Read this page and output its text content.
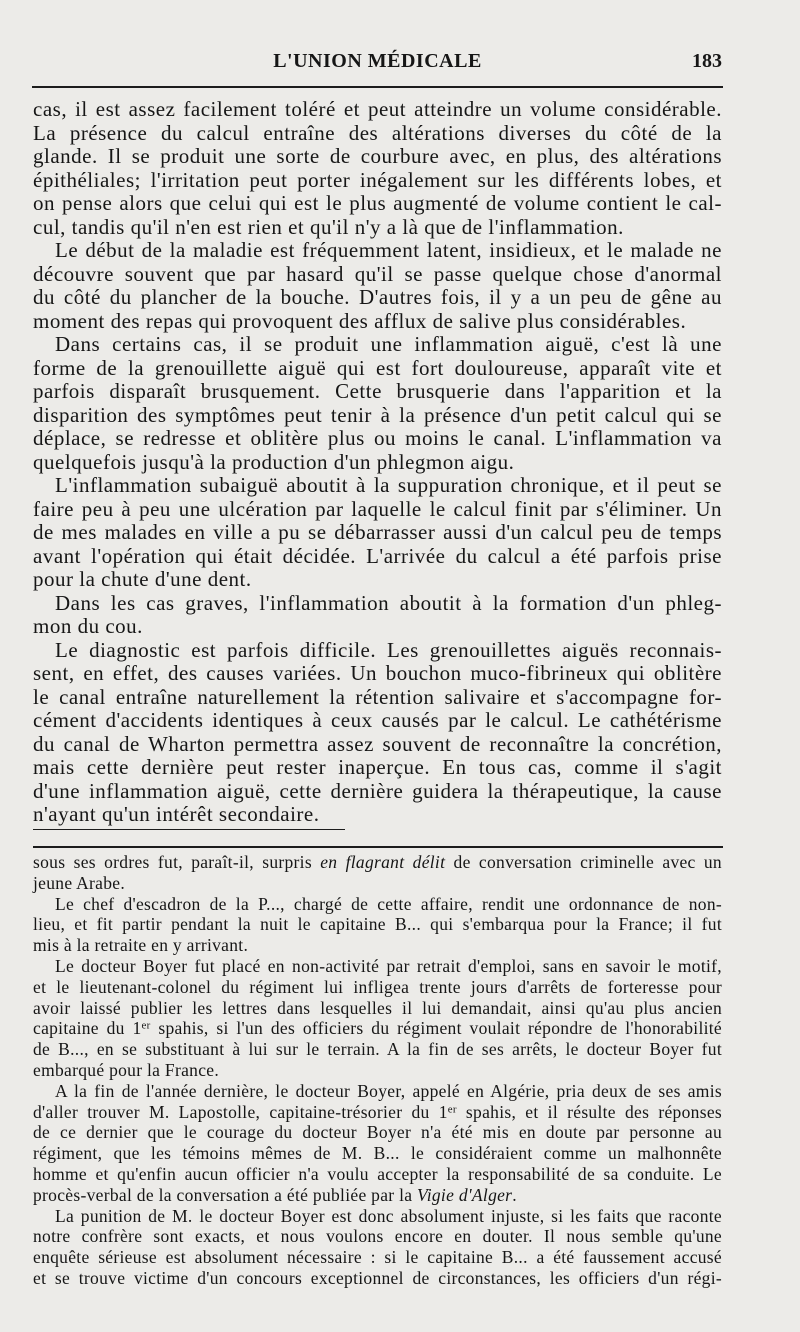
L'UNION MÉDICALE	183
cas, il est assez facilement toléré et peut atteindre un volume considérable.
La présence du calcul entraîne des altérations diverses du côté de la
glande. Il se produit une sorte de courbure avec, en plus, des altérations
épithéliales; l'irritation peut porter inégalement sur les différents lobes, et
on pense alors que celui qui est le plus augmenté de volume contient le cal-
cul, tandis qu'il n'en est rien et qu'il n'y a là que de l'inflammation.
Le début de la maladie est fréquemment latent, insidieux, et le malade ne
découvre souvent que par hasard qu'il se passe quelque chose d'anormal
du côté du plancher de la bouche. D'autres fois, il y a un peu de gêne au
moment des repas qui provoquent des afflux de salive plus considérables.
Dans certains cas, il se produit une inflammation aiguë, c'est là une
forme de la grenouillette aiguë qui est fort douloureuse, apparaît vite et
parfois disparaît brusquement. Cette brusquerie dans l'apparition et la
disparition des symptômes peut tenir à la présence d'un petit calcul qui se
déplace, se redresse et oblitère plus ou moins le canal. L'inflammation va
quelquefois jusqu'à la production d'un phlegmon aigu.
L'inflammation subaiguë aboutit à la suppuration chronique, et il peut se
faire peu à peu une ulcération par laquelle le calcul finit par s'éliminer. Un
de mes malades en ville a pu se débarrasser aussi d'un calcul peu de temps
avant l'opération qui était décidée. L'arrivée du calcul a été parfois prise
pour la chute d'une dent.
Dans les cas graves, l'inflammation aboutit à la formation d'un phleg-
mon du cou.
Le diagnostic est parfois difficile. Les grenouillettes aiguës reconnais-
sent, en effet, des causes variées. Un bouchon muco-fibrineux qui oblitère
le canal entraîne naturellement la rétention salivaire et s'accompagne for-
cément d'accidents identiques à ceux causés par le calcul. Le cathétérisme
du canal de Wharton permettra assez souvent de reconnaître la concrétion,
mais cette dernière peut rester inaperçue. En tous cas, comme il s'agit
d'une inflammation aiguë, cette dernière guidera la thérapeutique, la cause
n'ayant qu'un intérêt secondaire.
sous ses ordres fut, paraît-il, surpris en flagrant délit de conversation criminelle avec un
jeune Arabe.
Le chef d'escadron de la P..., chargé de cette affaire, rendit une ordonnance de non-
lieu, et fit partir pendant la nuit le capitaine B... qui s'embarqua pour la France; il fut
mis à la retraite en y arrivant.
Le docteur Boyer fut placé en non-activité par retrait d'emploi, sans en savoir le motif,
et le lieutenant-colonel du régiment lui infligea trente jours d'arrêts de forteresse pour
avoir laissé publier les lettres dans lesquelles il lui demandait, ainsi qu'au plus ancien
capitaine du 1er spahis, si l'un des officiers du régiment voulait répondre de l'honorabilité
de B..., en se substituant à lui sur le terrain. A la fin de ses arrêts, le docteur Boyer fut
embarqué pour la France.
A la fin de l'année dernière, le docteur Boyer, appelé en Algérie, pria deux de ses amis
d'aller trouver M. Lapostolle, capitaine-trésorier du 1er spahis, et il résulte des réponses
de ce dernier que le courage du docteur Boyer n'a été mis en doute par personne au
régiment, que les témoins mêmes de M. B... le considéraient comme un malhonnête
homme et qu'enfin aucun officier n'a voulu accepter la responsabilité de sa conduite. Le
procès-verbal de la conversation a été publiée par la Vigie d'Alger.
La punition de M. le docteur Boyer est donc absolument injuste, si les faits que raconte
notre confrère sont exacts, et nous voulons encore en douter. Il nous semble qu'une
enquête sérieuse est absolument nécessaire : si le capitaine B... a été faussement accusé
et se trouve victime d'un concours exceptionnel de circonstances, les officiers d'un régi-
